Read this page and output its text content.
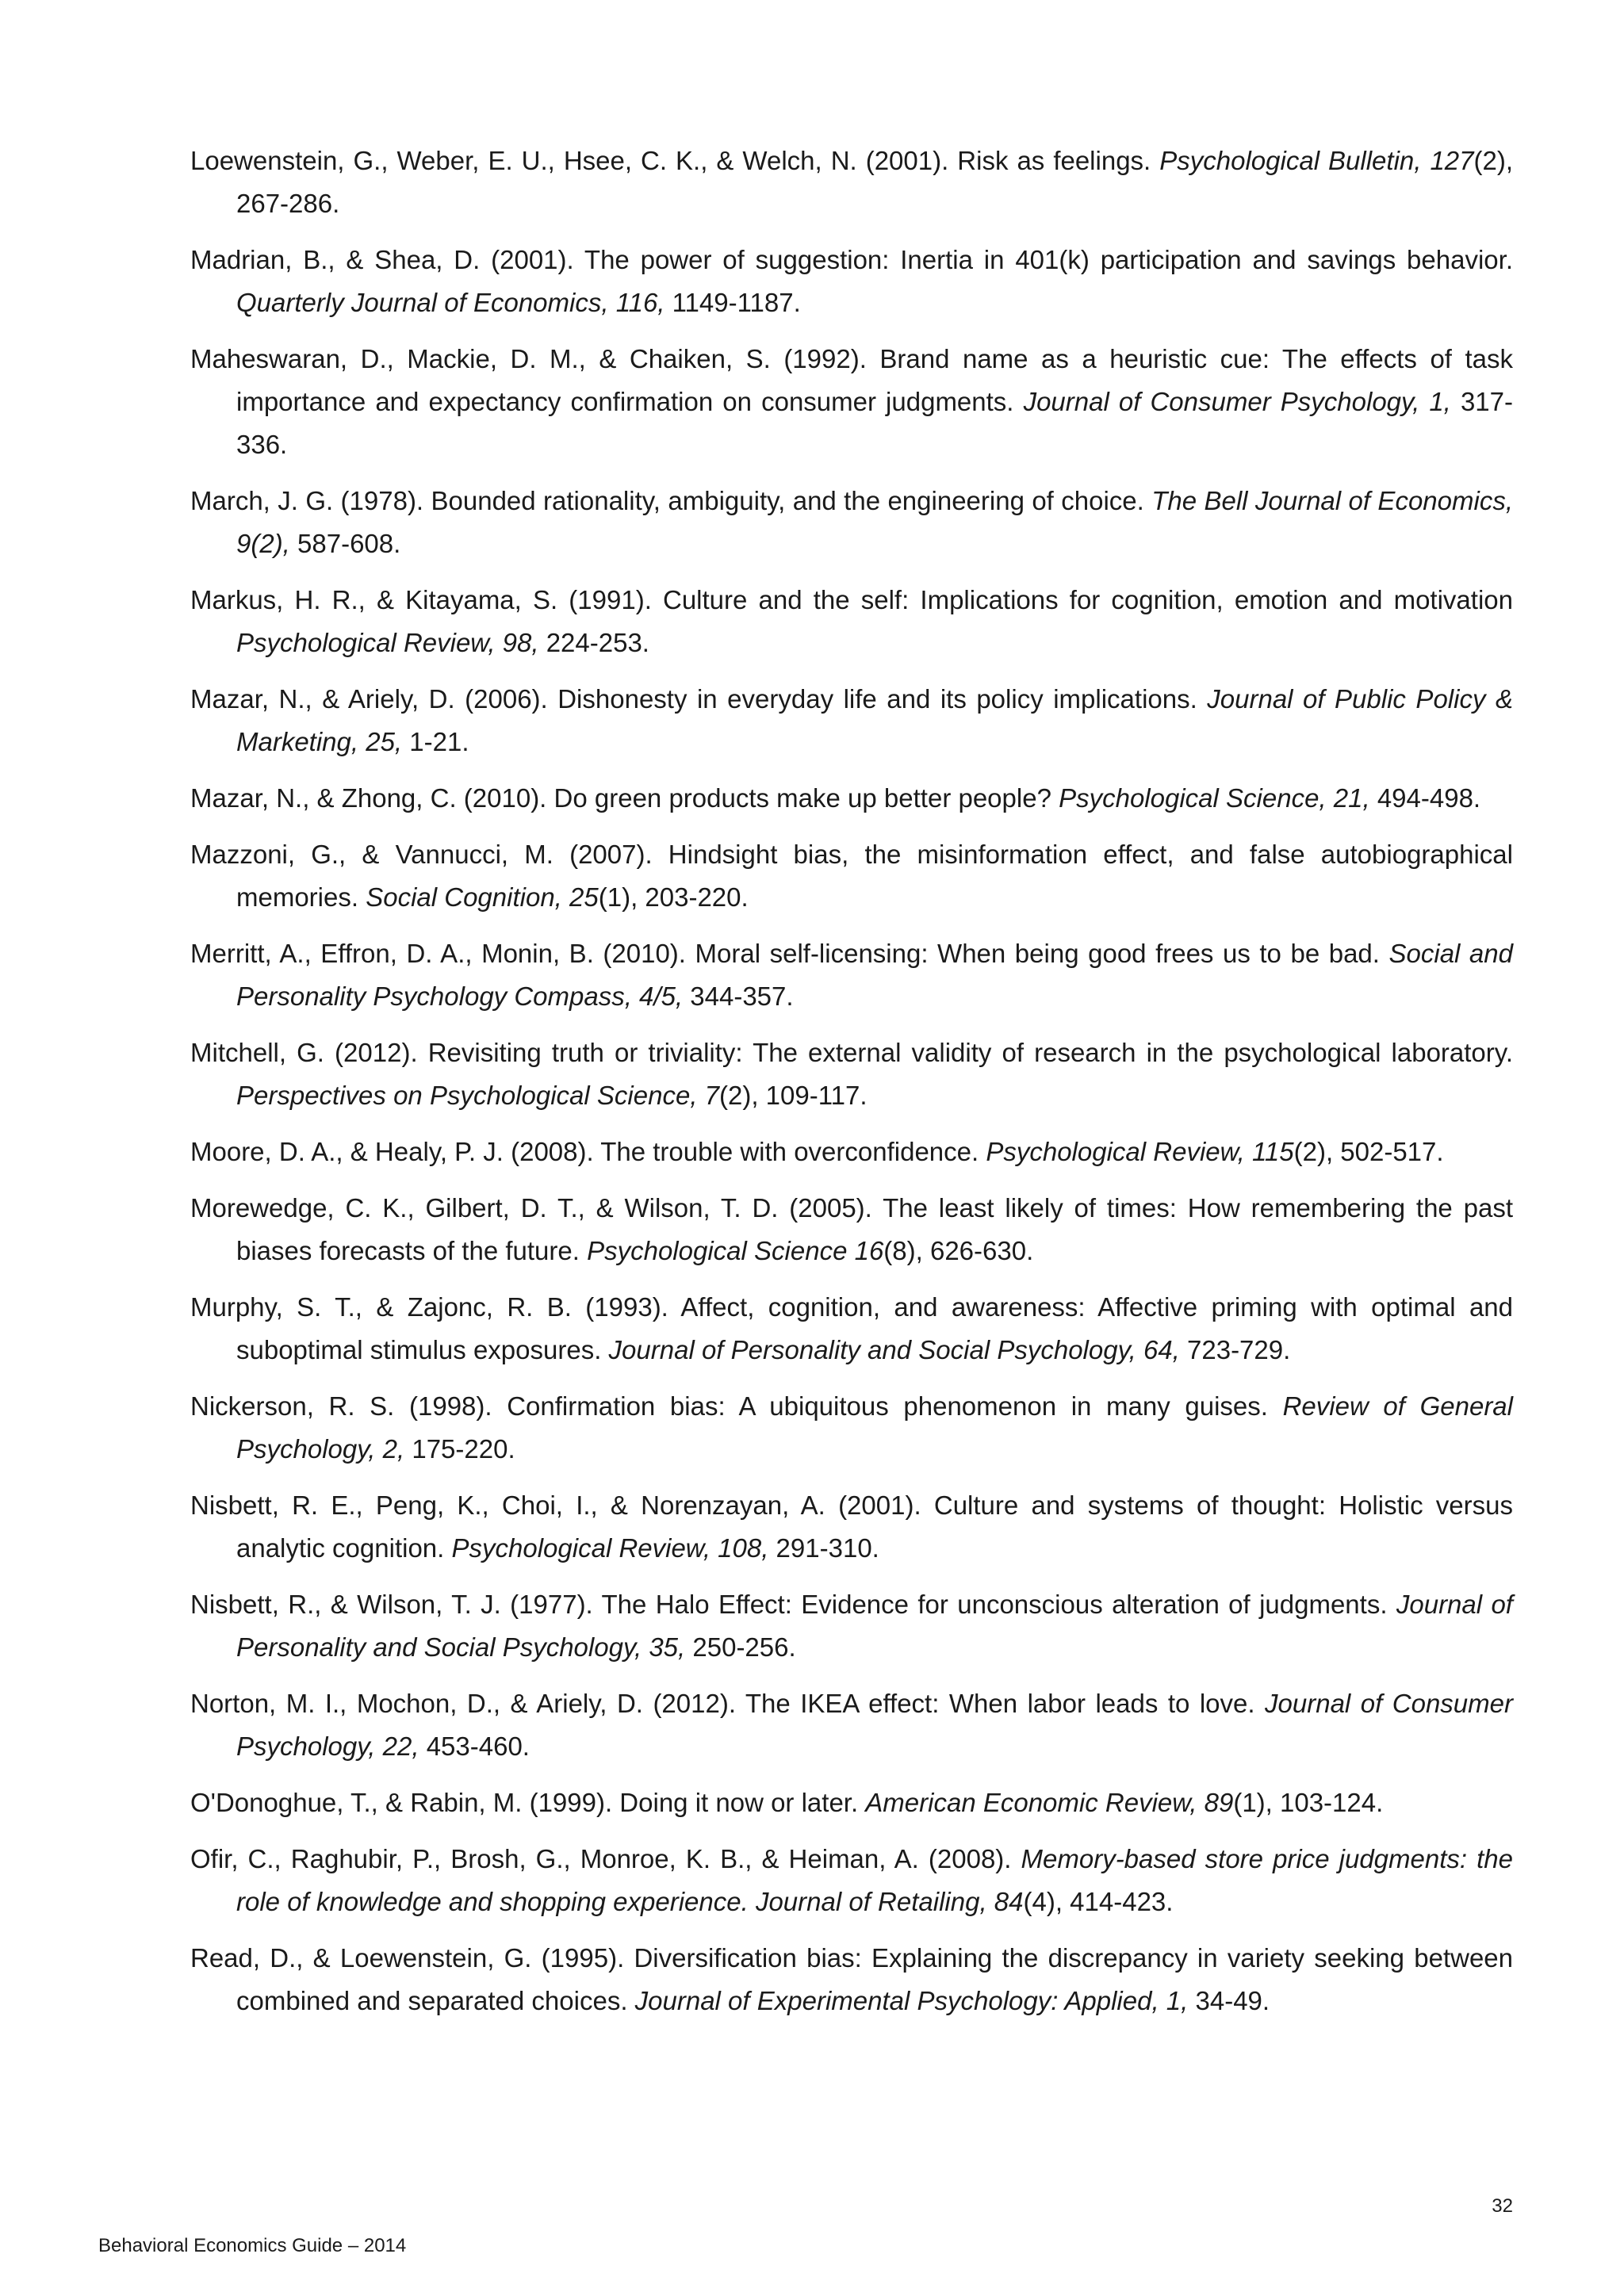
Loewenstein, G., Weber, E. U., Hsee, C. K., & Welch, N. (2001). Risk as feelings. Psychological Bulletin, 127(2), 267-286.
Madrian, B., & Shea, D. (2001). The power of suggestion: Inertia in 401(k) participation and savings behavior. Quarterly Journal of Economics, 116, 1149-1187.
Maheswaran, D., Mackie, D. M., & Chaiken, S. (1992). Brand name as a heuristic cue: The effects of task importance and expectancy confirmation on consumer judgments. Journal of Consumer Psychology, 1, 317-336.
March, J. G. (1978). Bounded rationality, ambiguity, and the engineering of choice. The Bell Journal of Economics, 9(2), 587-608.
Markus, H. R., & Kitayama, S. (1991). Culture and the self: Implications for cognition, emotion and motivation Psychological Review, 98, 224-253.
Mazar, N., & Ariely, D. (2006). Dishonesty in everyday life and its policy implications. Journal of Public Policy & Marketing, 25, 1-21.
Mazar, N., & Zhong, C. (2010). Do green products make up better people? Psychological Science, 21, 494-498.
Mazzoni, G., & Vannucci, M. (2007). Hindsight bias, the misinformation effect, and false autobiographical memories. Social Cognition, 25(1), 203-220.
Merritt, A., Effron, D. A., Monin, B. (2010). Moral self-licensing: When being good frees us to be bad. Social and Personality Psychology Compass, 4/5, 344-357.
Mitchell, G. (2012). Revisiting truth or triviality: The external validity of research in the psychological laboratory. Perspectives on Psychological Science, 7(2), 109-117.
Moore, D. A., & Healy, P. J. (2008). The trouble with overconfidence. Psychological Review, 115(2), 502-517.
Morewedge, C. K., Gilbert, D. T., & Wilson, T. D. (2005). The least likely of times: How remembering the past biases forecasts of the future. Psychological Science 16(8), 626-630.
Murphy, S. T., & Zajonc, R. B. (1993). Affect, cognition, and awareness: Affective priming with optimal and suboptimal stimulus exposures. Journal of Personality and Social Psychology, 64, 723-729.
Nickerson, R. S. (1998). Confirmation bias: A ubiquitous phenomenon in many guises. Review of General Psychology, 2, 175-220.
Nisbett, R. E., Peng, K., Choi, I., & Norenzayan, A. (2001). Culture and systems of thought: Holistic versus analytic cognition. Psychological Review, 108, 291-310.
Nisbett, R., & Wilson, T. J. (1977). The Halo Effect: Evidence for unconscious alteration of judgments. Journal of Personality and Social Psychology, 35, 250-256.
Norton, M. I., Mochon, D., & Ariely, D. (2012). The IKEA effect: When labor leads to love. Journal of Consumer Psychology, 22, 453-460.
O'Donoghue, T., & Rabin, M. (1999). Doing it now or later. American Economic Review, 89(1), 103-124.
Ofir, C., Raghubir, P., Brosh, G., Monroe, K. B., & Heiman, A. (2008). Memory-based store price judgments: the role of knowledge and shopping experience. Journal of Retailing, 84(4), 414-423.
Read, D., & Loewenstein, G. (1995). Diversification bias: Explaining the discrepancy in variety seeking between combined and separated choices. Journal of Experimental Psychology: Applied, 1, 34-49.
32
Behavioral Economics Guide – 2014
